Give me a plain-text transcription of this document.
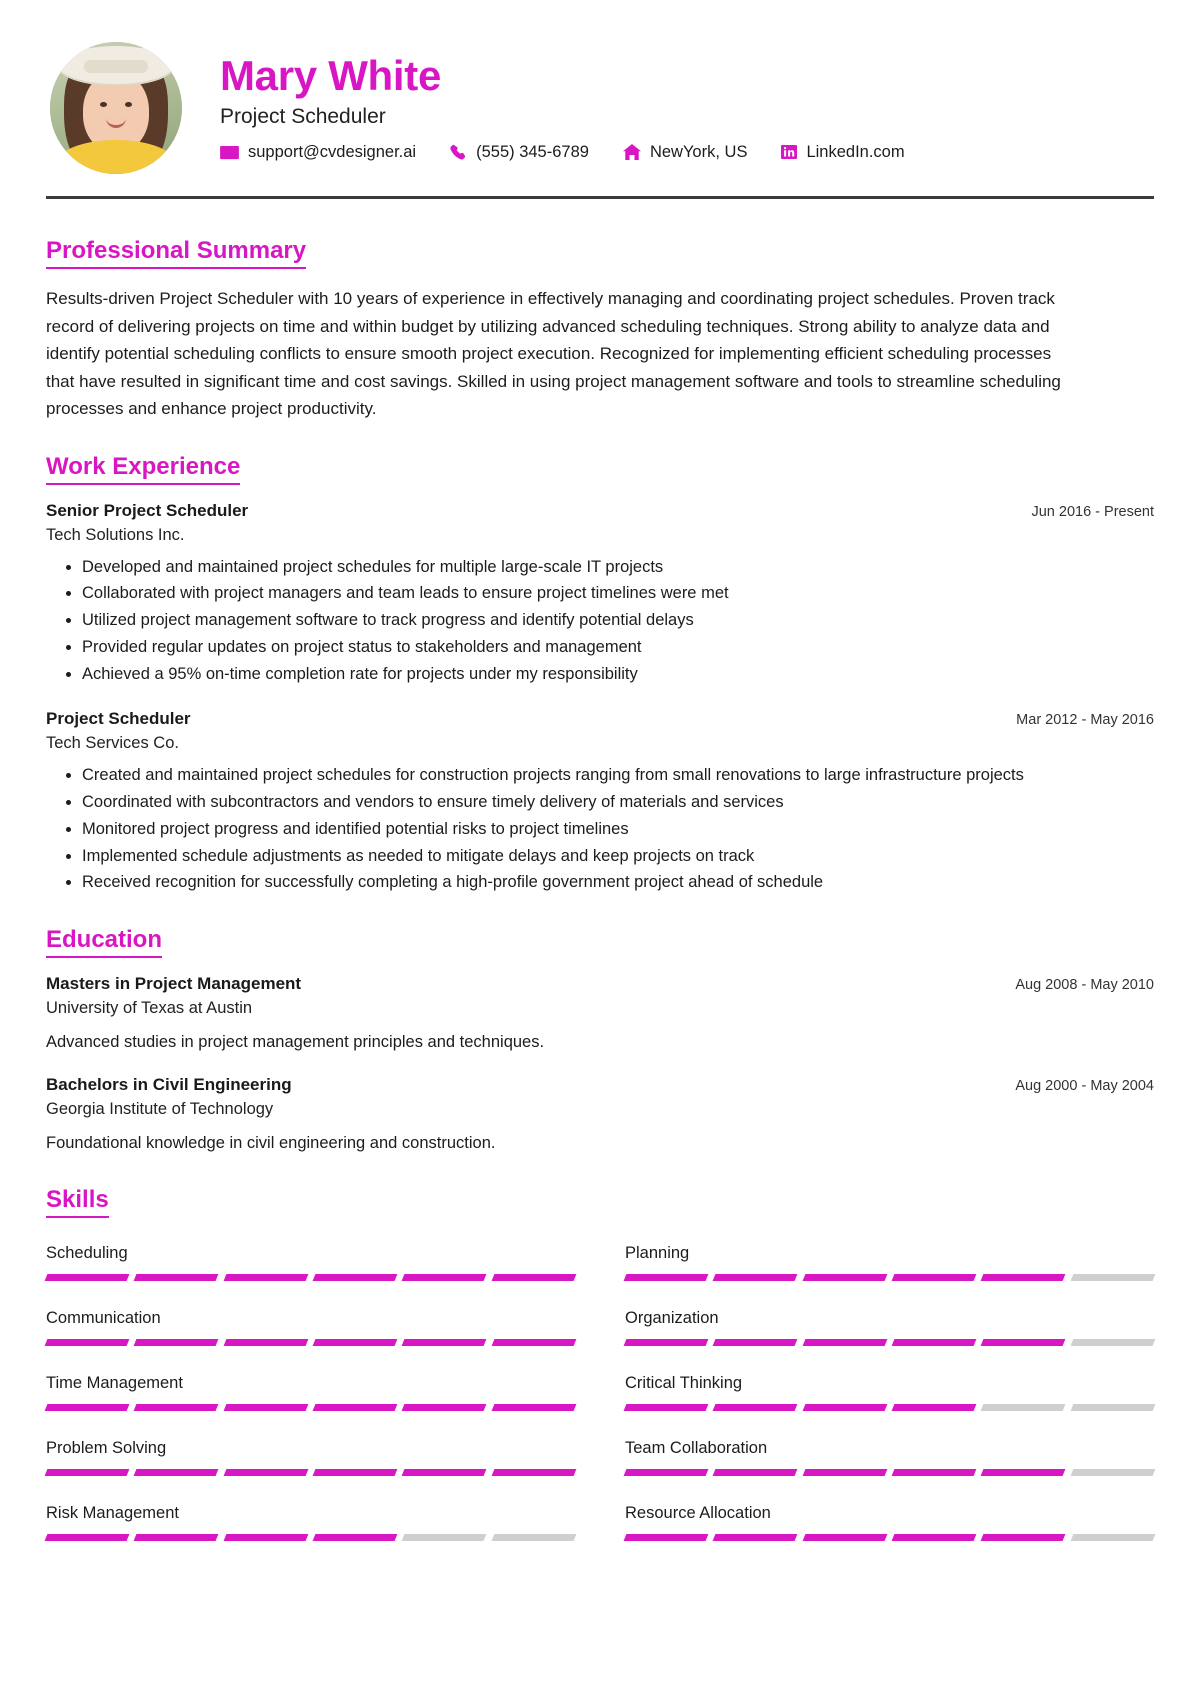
Mary White
Project Scheduler
support@cvdesigner.ai	(555) 345-6789	NewYork, US	LinkedIn.com
Professional Summary

Results-driven Project Scheduler with 10 years of experience in effectively managing and coordinating project schedules. Proven track record of delivering projects on time and within budget by utilizing advanced scheduling techniques. Strong ability to analyze data and identify potential scheduling conflicts to ensure smooth project execution. Recognized for implementing efficient scheduling processes that have resulted in significant time and cost savings. Skilled in using project management software and tools to streamline scheduling processes and enhance project productivity.

Work Experience
Senior Project Scheduler	Jun 2016 - Present
Tech Solutions Inc.
• Developed and maintained project schedules for multiple large-scale IT projects
• Collaborated with project managers and team leads to ensure project timelines were met
• Utilized project management software to track progress and identify potential delays
• Provided regular updates on project status to stakeholders and management
• Achieved a 95% on-time completion rate for projects under my responsibility
Project Scheduler	Mar 2012 - May 2016
Tech Services Co.
• Created and maintained project schedules for construction projects ranging from small renovations to large infrastructure projects
• Coordinated with subcontractors and vendors to ensure timely delivery of materials and services
• Monitored project progress and identified potential risks to project timelines
• Implemented schedule adjustments as needed to mitigate delays and keep projects on track
• Received recognition for successfully completing a high-profile government project ahead of schedule
Education
Masters in Project Management	Aug 2008 - May 2010
University of Texas at Austin
Advanced studies in project management principles and techniques.
Bachelors in Civil Engineering	Aug 2000 - May 2004
Georgia Institute of Technology
Foundational knowledge in civil engineering and construction.
Skills
Scheduling	Planning
Communication	Organization
Time Management	Critical Thinking
Problem Solving	Team Collaboration
Risk Management	Resource Allocation
